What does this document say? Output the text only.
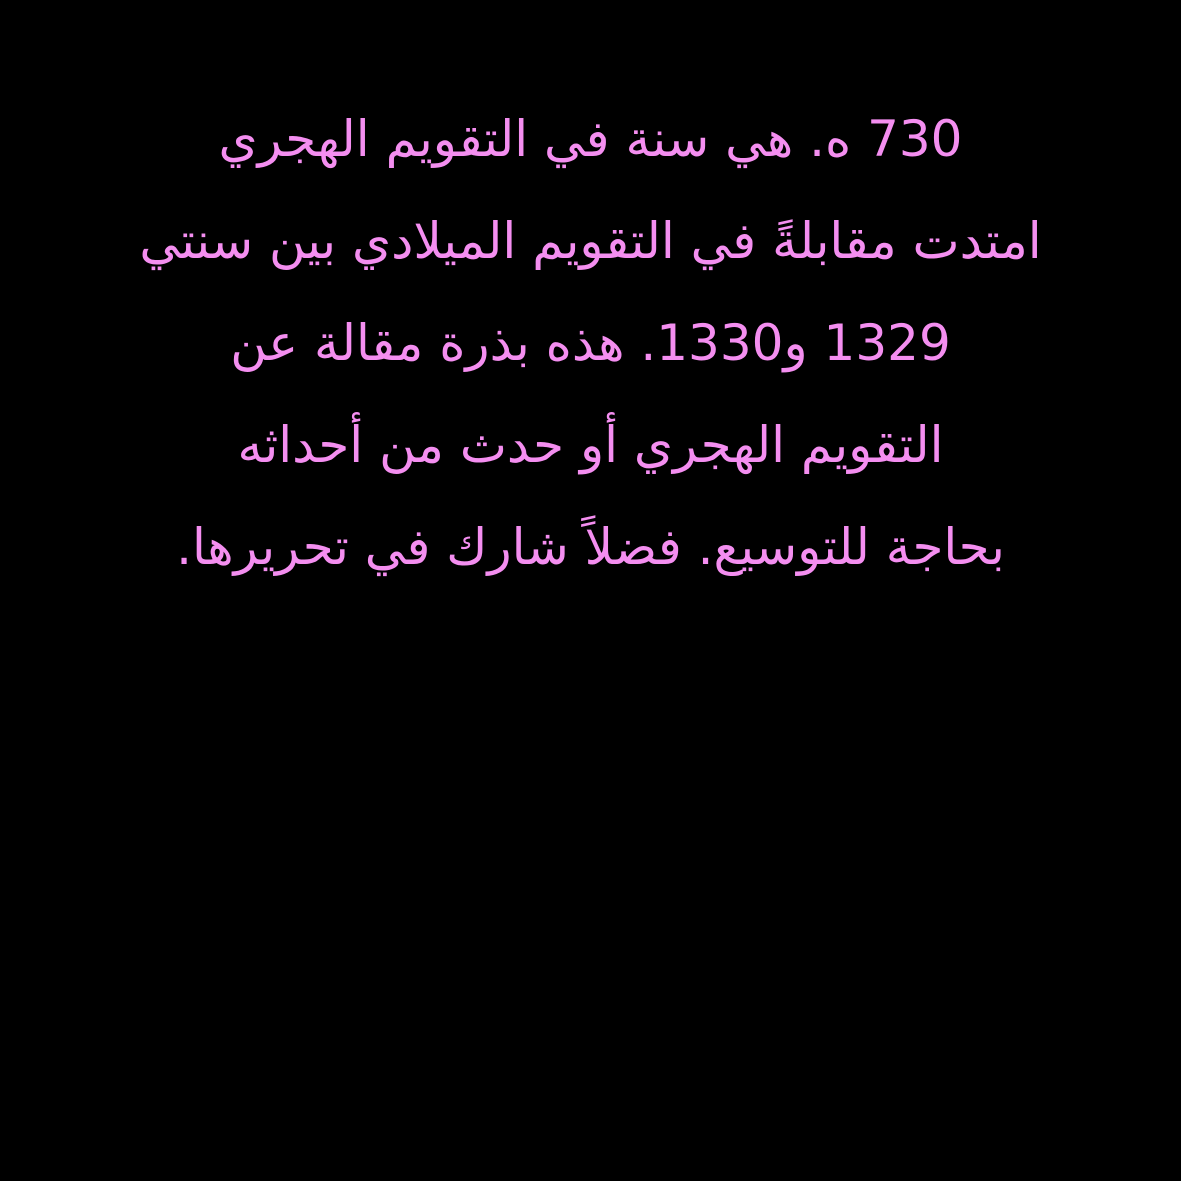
730 ه. هي سنة في التقويم الهجري
امتدت مقابلةً في التقويم الميلادي بين سنتي
1329 و1330. هذه بذرة مقالة عن
التقويم الهجري أو حدث من أحداثه
بحاجة للتوسيع. فضلاً شارك في تحريرها.
